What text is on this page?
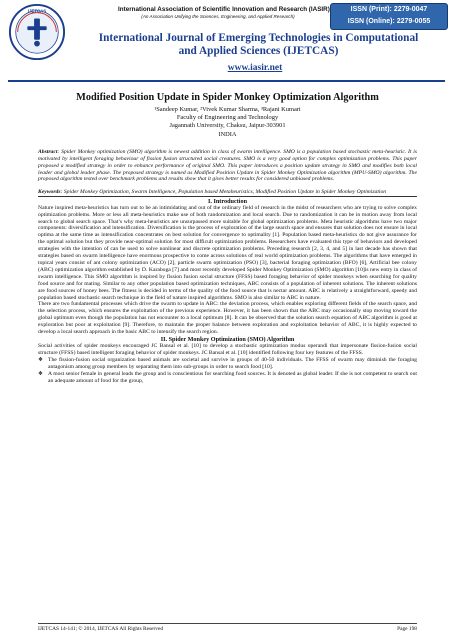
IJETCAS	International Association of Scientific Innovation and Research (IASIR)
(An Association Unifying the Sciences, Engineering, and Applied Research)
ISSN (Print): 2279-0047
ISSN (Online): 2279-0055
International Journal of Emerging Technologies in Computational
and Applied Sciences (IJETCAS)
www.iasir.net
Modified Position Update in Spider Monkey Optimization Algorithm
¹Sandeep Kumar, ²Vivek Kumar Sharma, ³Rajani Kumari
Faculty of Engineering and Technology
Jagannath University, Chaksu, Jaipur-303901
INDIA
Abstract: Spider Monkey optimization (SMO) algorithm is newest addition in class of swarm intelligence. SMO is a population based stochastic meta-heuristic. It is motivated by intelligent foraging behaviour of fission fusion structured social creatures. SMO is a very good option for complex optimization problems. This paper proposed a modified strategy in order to enhance performance of original SMO. This paper introduces a position update strategy in SMO and modifies both local leader and global leader phase. The proposed strategy is named as Modified Position Update in Spider Monkey Optimization algorithm (MPU-SMO) algorithm. The proposed algorithm tested over benchmark problems and results show that it gives better results for considered unbiased problems.
Keywords: Spider Monkey Optimization, Swarm Intelligence, Population based Metaheuristics, Modified Position Update in Spider Monkey Optimization
I. Introduction
Nature inspired meta-heuristics has turn out to be an intimidating and out of the ordinary field of research in the midst of researchers who are trying to solve complex optimization problems. More or less all meta-heuristics make use of both randomization and local search. Due to randomization it can be in motion away from local search to global search space. That’s why meta-heuristics are unsurpassed more suitable for global optimization problems. Meta heuristic algorithms have two major components: diversification and intensification. Diversification is the process of exploration of the large search space and ensures that solution does not ensure in local optima at the same time as intensification concentrates on best solution for convergence to optimality [1]. Population based meta-heuristics do not give assurance for the optimal solution but they provide near-optimal solution for most difficult optimization problems. Researchers have evaluated this type of behaviors and developed strategies with the intention of can be used to solve nonlinear and discrete optimization problems. Preceding research [2, 3, 4, and 5] in last decade has shown that strategies based on swarm intelligence have enormous prospective to come across solutions of real world optimization problems. The algorithms that have emerged in topical years consist of ant colony optimization (ACO) [2], particle swarm optimization (PSO) [3], bacterial foraging optimization (BFO) [6], Artificial bee colony (ABC) optimization algorithm established by D. Karaboga [7] and most recently developed Spider Monkey Optimization (SMO) algorithm [10]is new entry in class of swarm intelligence. This SMO algorithm is inspired by fission fusion social structure (FFSS) based foraging behavior of spider monkeys when searching for quality food source and for mating. Similar to any other population based optimization techniques, ABC consists of a population of inherent solutions. The inherent solutions are food sources of honey bees. The fitness is decided in terms of the quality of the food source that is nectar amount. ABC is relatively a straightforward, speedy and population based stochastic search technique in the field of nature inspired algorithms. SMO is also similar to ABC in nature.
There are two fundamental processes which drive the swarm to update in ABC: the deviation process, which enables exploring different fields of the search space, and the selection process, which ensures the exploitation of the previous experience. However, it has been shown that the ABC may occasionally stop moving toward the global optimum even though the population has not encounter to a local optimum [8]. It can be observed that the solution search equation of ABC algorithm is good at exploration but poor at exploitation [9]. Therefore, to maintain the proper balance between exploration and exploitation behavior of ABC, it is highly expected to develop a local search approach in the basic ABC to intensify the search region.
II. Spider Monkey Optimization (SMO) Algorithm
Social activities of spider monkeys encouraged JC Bansal et al. [10] to develop a stochastic optimization modus operandi that impersonate fission-fusion social structure (FFSS) based intelligent foraging behavior of spider monkeys. JC Bansal et al. [10] identified following four key features of the FFSS.
❖ The fission-fusion social organization based animals are societal and survive in groups of 40-50 individuals. The FFSS of swarm may diminish the foraging antagonism among group members by separating them into sub-groups in order to search food [10].
❖ A most senior female in general leads the group and is conscientious for searching food sources. It is denoted as global leader. If she is not competent to search out an adequate amount of food for the group,
IJETCAS 14-141; © 2014, IJETCAS All Rights Reserved	Page 198
